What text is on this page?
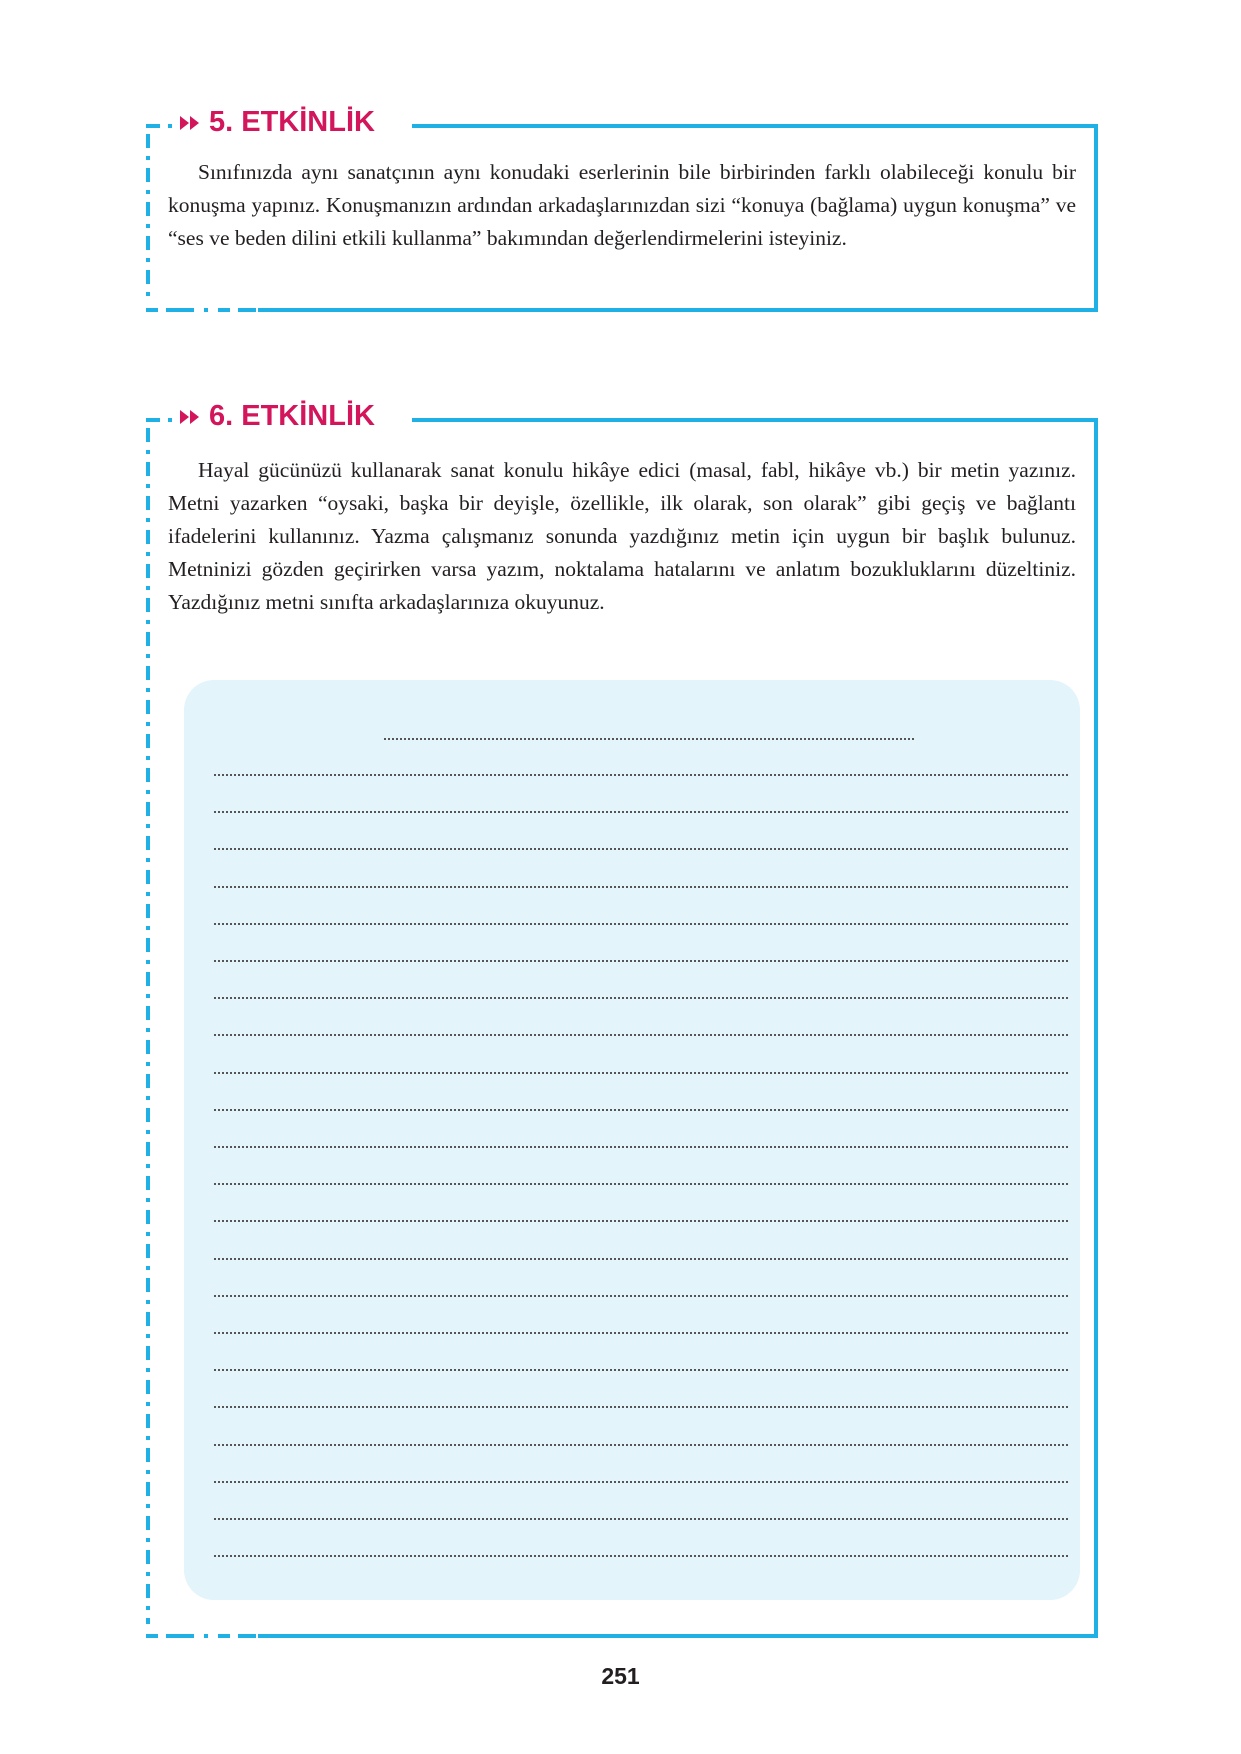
5. ETKİNLİK
Sınıfınızda aynı sanatçının aynı konudaki eserlerinin bile birbirinden farklı olabileceği konulu bir konuşma yapınız. Konuşmanızın ardından arkadaşlarınızdan sizi “konuya (bağlama) uygun konuşma” ve “ses ve beden dilini etkili kullanma” bakımından değerlendirmelerini isteyiniz.
6. ETKİNLİK
Hayal gücünüzü kullanarak sanat konulu hikâye edici (masal, fabl, hikâye vb.) bir metin yazınız. Metni yazarken “oysaki, başka bir deyişle, özellikle, ilk olarak, son olarak” gibi geçiş ve bağlantı ifadelerini kullanınız. Yazma çalışmanız sonunda yazdığınız metin için uygun bir başlık bulunuz. Metninizi gözden geçirirken varsa yazım, noktalama hatalarını ve anlatım bozukluklarını düzeltiniz. Yazdığınız metni sınıfta arkadaşlarınıza okuyunuz.
251
